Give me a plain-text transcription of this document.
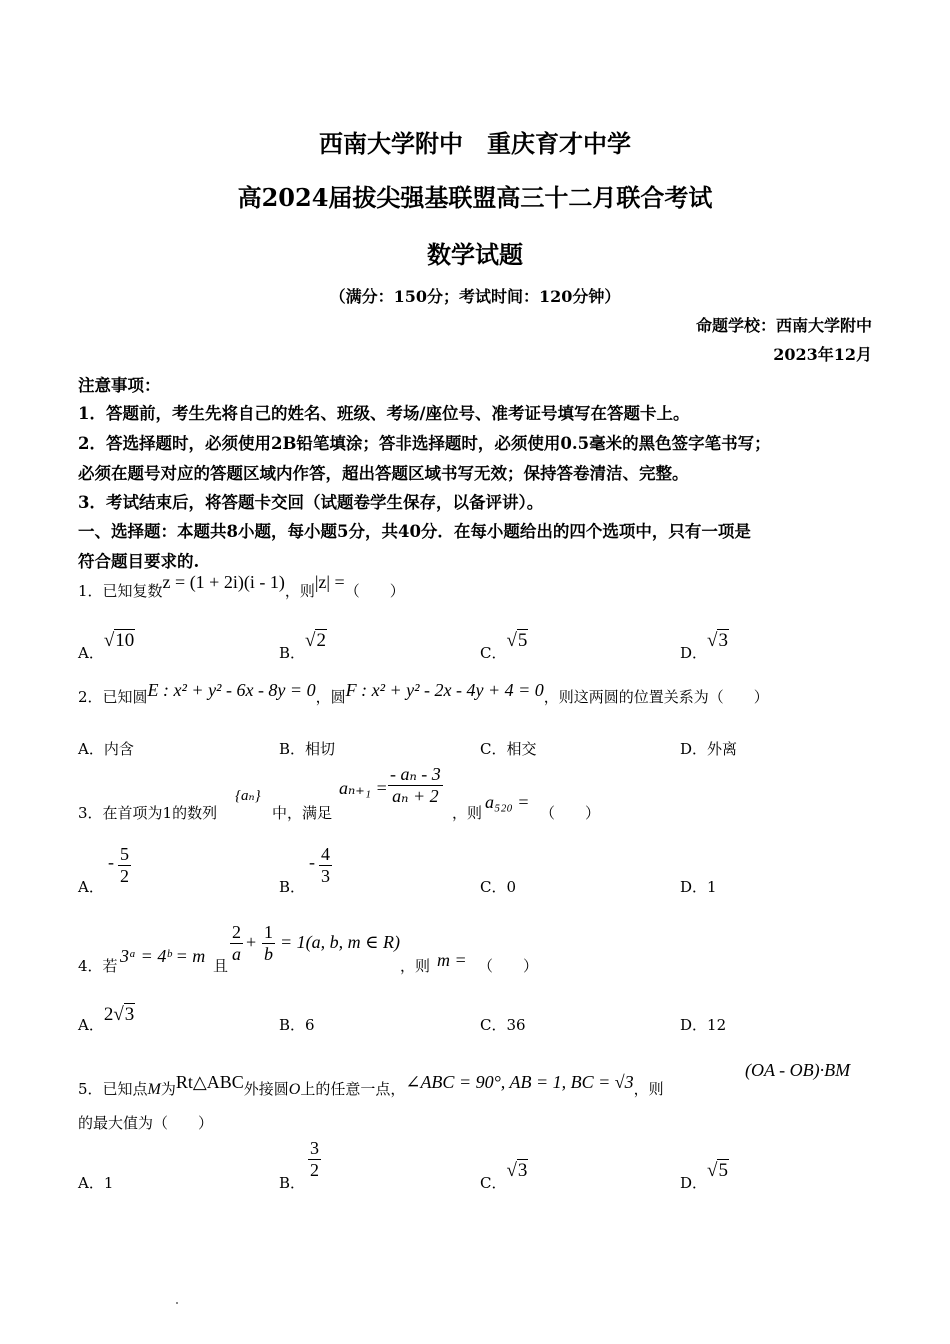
西南大学附中　重庆育才中学
高2024届拔尖强基联盟高三十二月联合考试
数学试题
（满分：150分；考试时间：120分钟）
命题学校：西南大学附中
2023年12月
注意事项：
1．答题前，考生先将自己的姓名、班级、考场/座位号、准考证号填写在答题卡上。
2．答选择题时，必须使用2B铅笔填涂；答非选择题时，必须使用0.5毫米的黑色签字笔书写；
必须在题号对应的答题区域内作答，超出答题区域书写无效；保持答卷清洁、完整。
3．考试结束后，将答题卡交回（试题卷学生保存，以备评讲）。
一、选择题：本题共8小题，每小题5分，共40分．在每小题给出的四个选项中，只有一项是
符合题目要求的.
1．已知复数z = (1 + 2i)(i - 1)，则|z| =（　　）
A．√10
B．√2
C．√5
D．√3
2．已知圆E : x² + y² - 6x - 8y = 0，圆F : x² + y² - 2x - 4y + 4 = 0，则这两圆的位置关系为（　　）
A．内含	B．相切	C．相交	D．外离
3．在首项为1的数列
{aₙ}
中，满足
$a_{n+1} = \frac{\text{- aₙ - 3}}{\text{aₙ + 2}}$
，则
a₅₂₀ =
（　　）
A．
- $\frac{5}{2}$
B．
- $\frac{4}{3}$
C．0	D．1
4．若 3ᵃ = 4ᵇ = m 且
$\frac{2}{a} + \frac{1}{b} = 1(a$, b, m ∈ R)
，则 m = （　　）
A．2√3	B．6	C．36	D．12
5．已知点M为Rt△ABC外接圆O上的任意一点，∠ABC = 90°, AB = 1, BC = √3，则
(OA - OB)·BM
的最大值为（　　）
A．1	B．
$\frac{3}{2}$
C．√3
D．√5
